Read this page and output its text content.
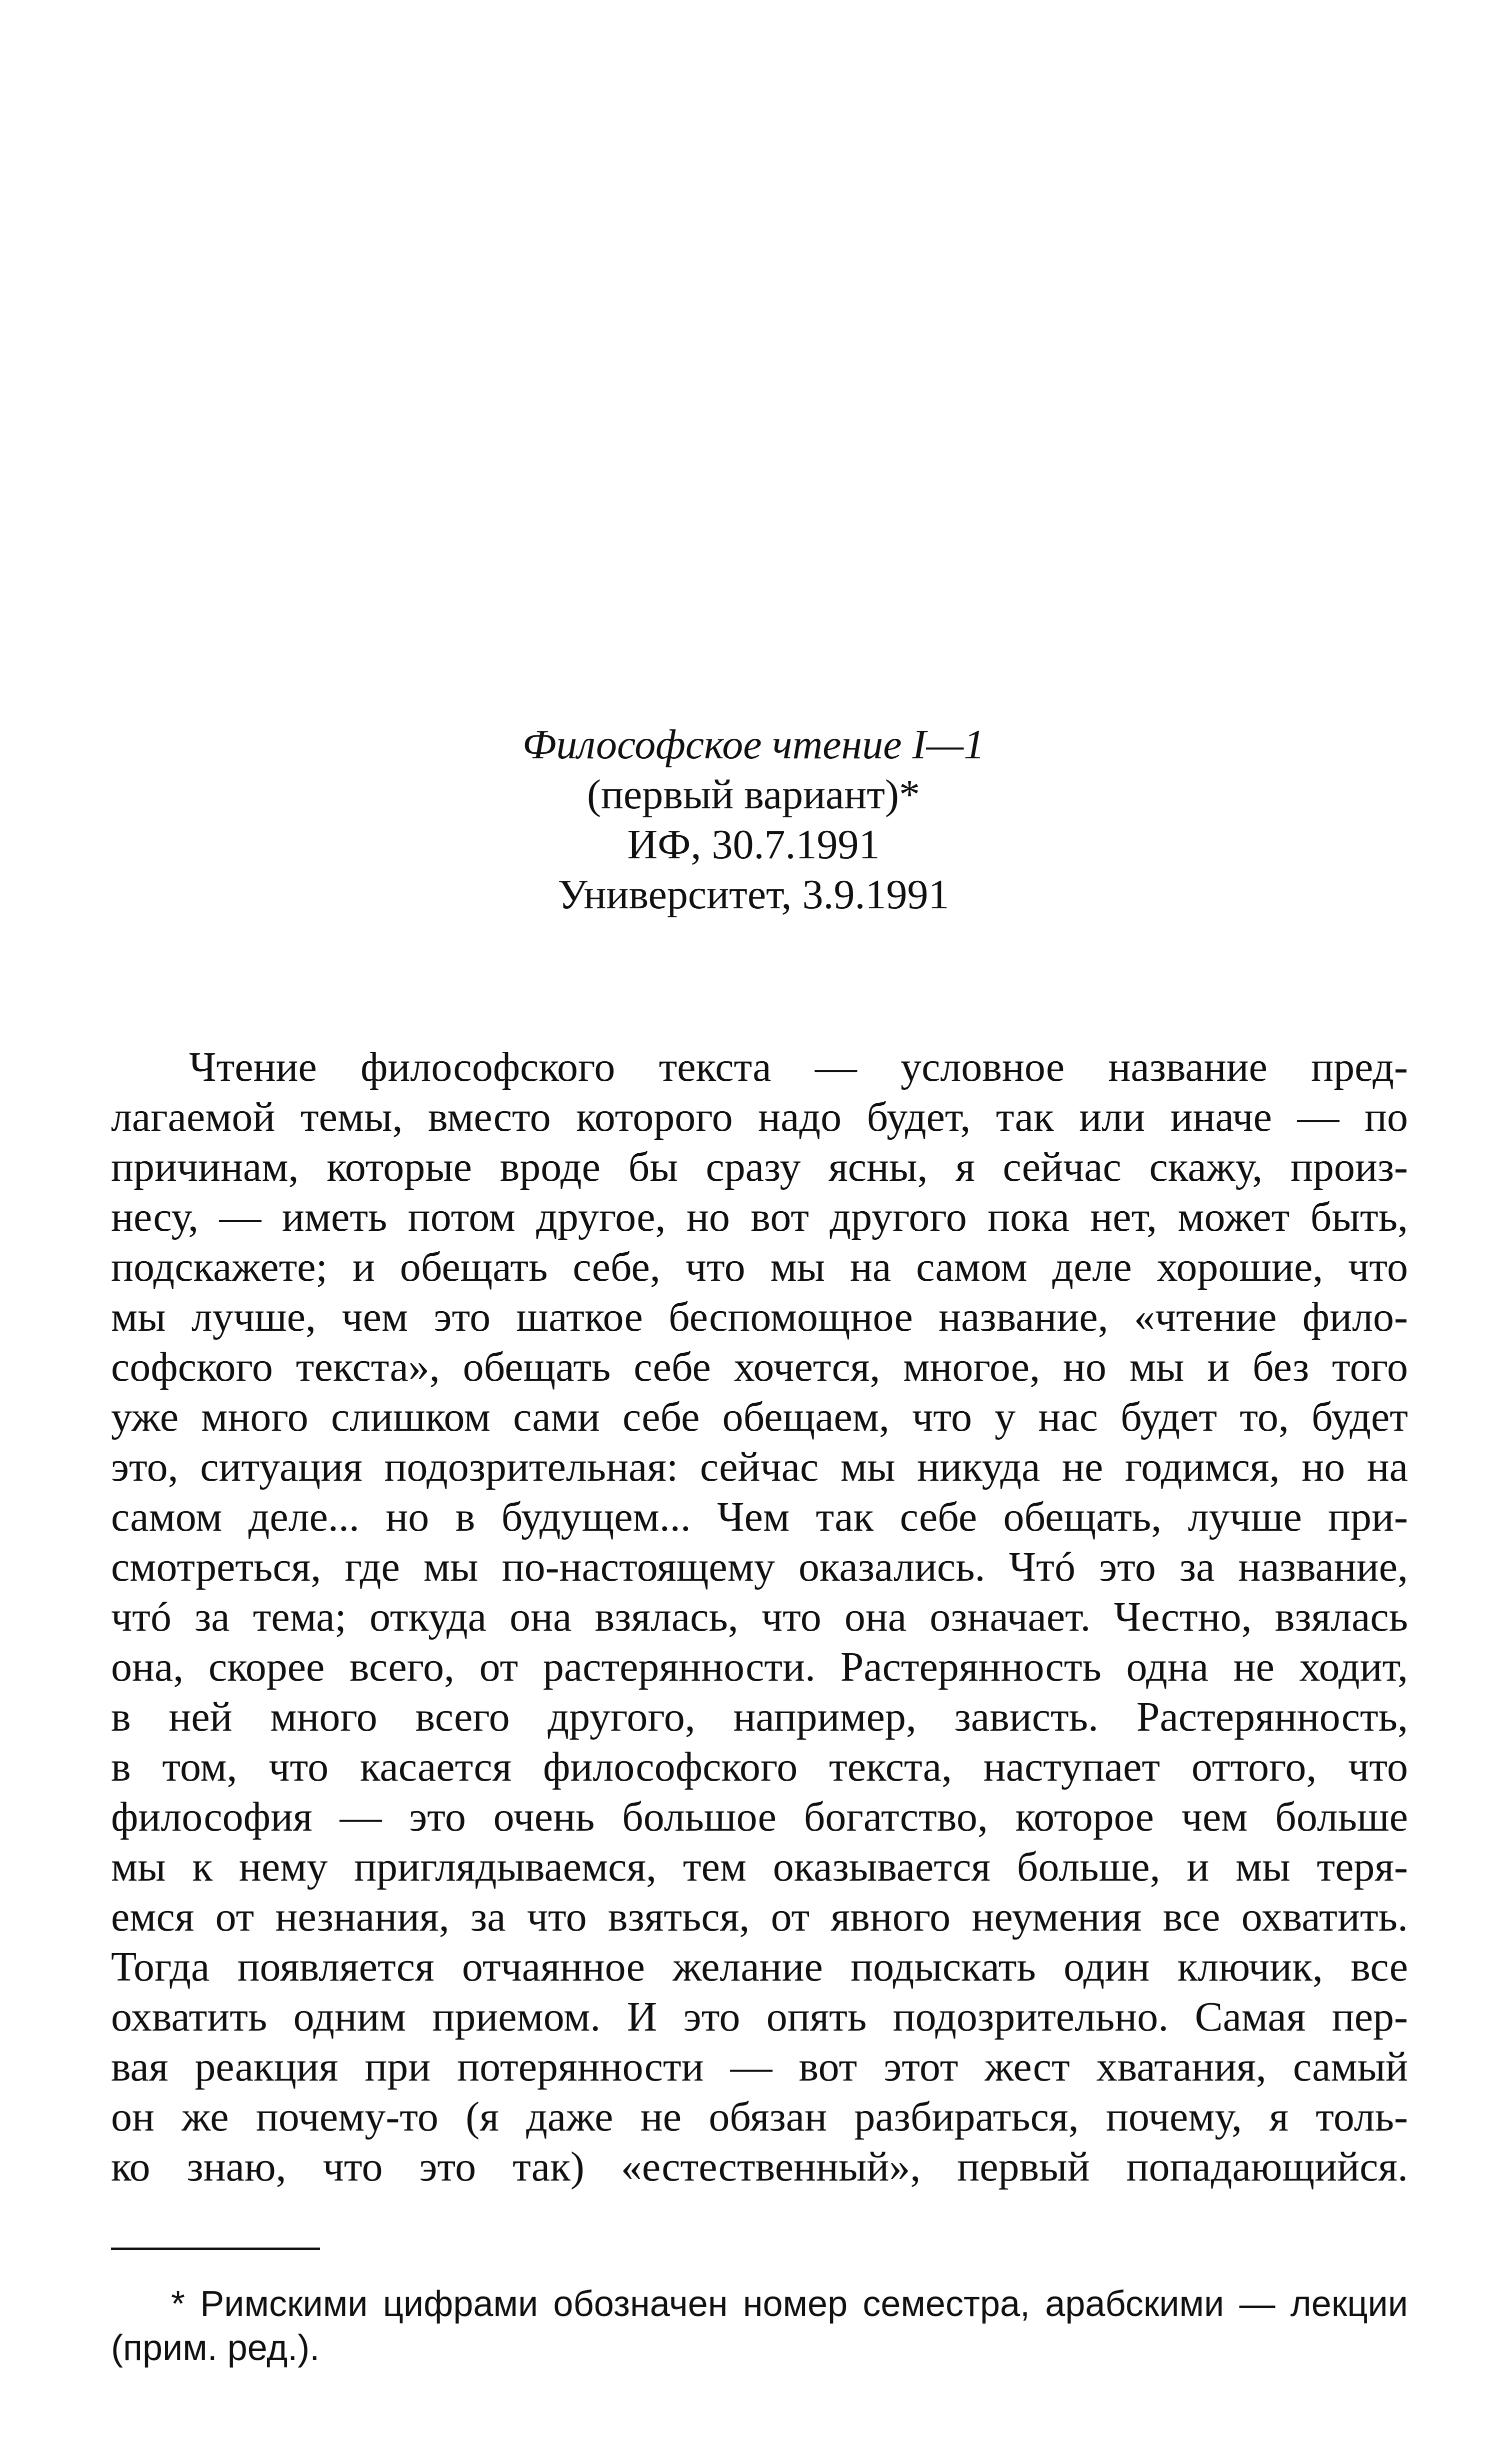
Философское чтение I—1
(первый вариант)*
ИФ, 30.7.1991
Университет, 3.9.1991
Чтение философского текста — условное название пред-
лагаемой темы, вместо которого надо будет, так или иначе — по
причинам, которые вроде бы сразу ясны, я сейчас скажу, произ-
несу, — иметь потом другое, но вот другого пока нет, может быть,
подскажете; и обещать себе, что мы на самом деле хорошие, что
мы лучше, чем это шаткое беспомощное название, «чтение фило-
софского текста», обещать себе хочется, многое, но мы и без того
уже много слишком сами себе обещаем, что у нас будет то, будет
это, ситуация подозрительная: сейчас мы никуда не годимся, но на
самом деле... но в будущем... Чем так себе обещать, лучше при-
смотреться, где мы по-настоящему оказались. Чтó это за название,
чтó за тема; откуда она взялась, что она означает. Честно, взялась
она, скорее всего, от растерянности. Растерянность одна не ходит,
в ней много всего другого, например, зависть. Растерянность,
в том, что касается философского текста, наступает оттого, что
философия — это очень большое богатство, которое чем больше
мы к нему приглядываемся, тем оказывается больше, и мы теря-
емся от незнания, за что взяться, от явного неумения все охватить.
Тогда появляется отчаянное желание подыскать один ключик, все
охватить одним приемом. И это опять подозрительно. Самая пер-
вая реакция при потерянности — вот этот жест хватания, самый
он же почему-то (я даже не обязан разбираться, почему, я толь-
ко знаю, что это так) «естественный», первый попадающийся.
* Римскими цифрами обозначен номер семестра, арабскими — лекции
(прим. ред.).
